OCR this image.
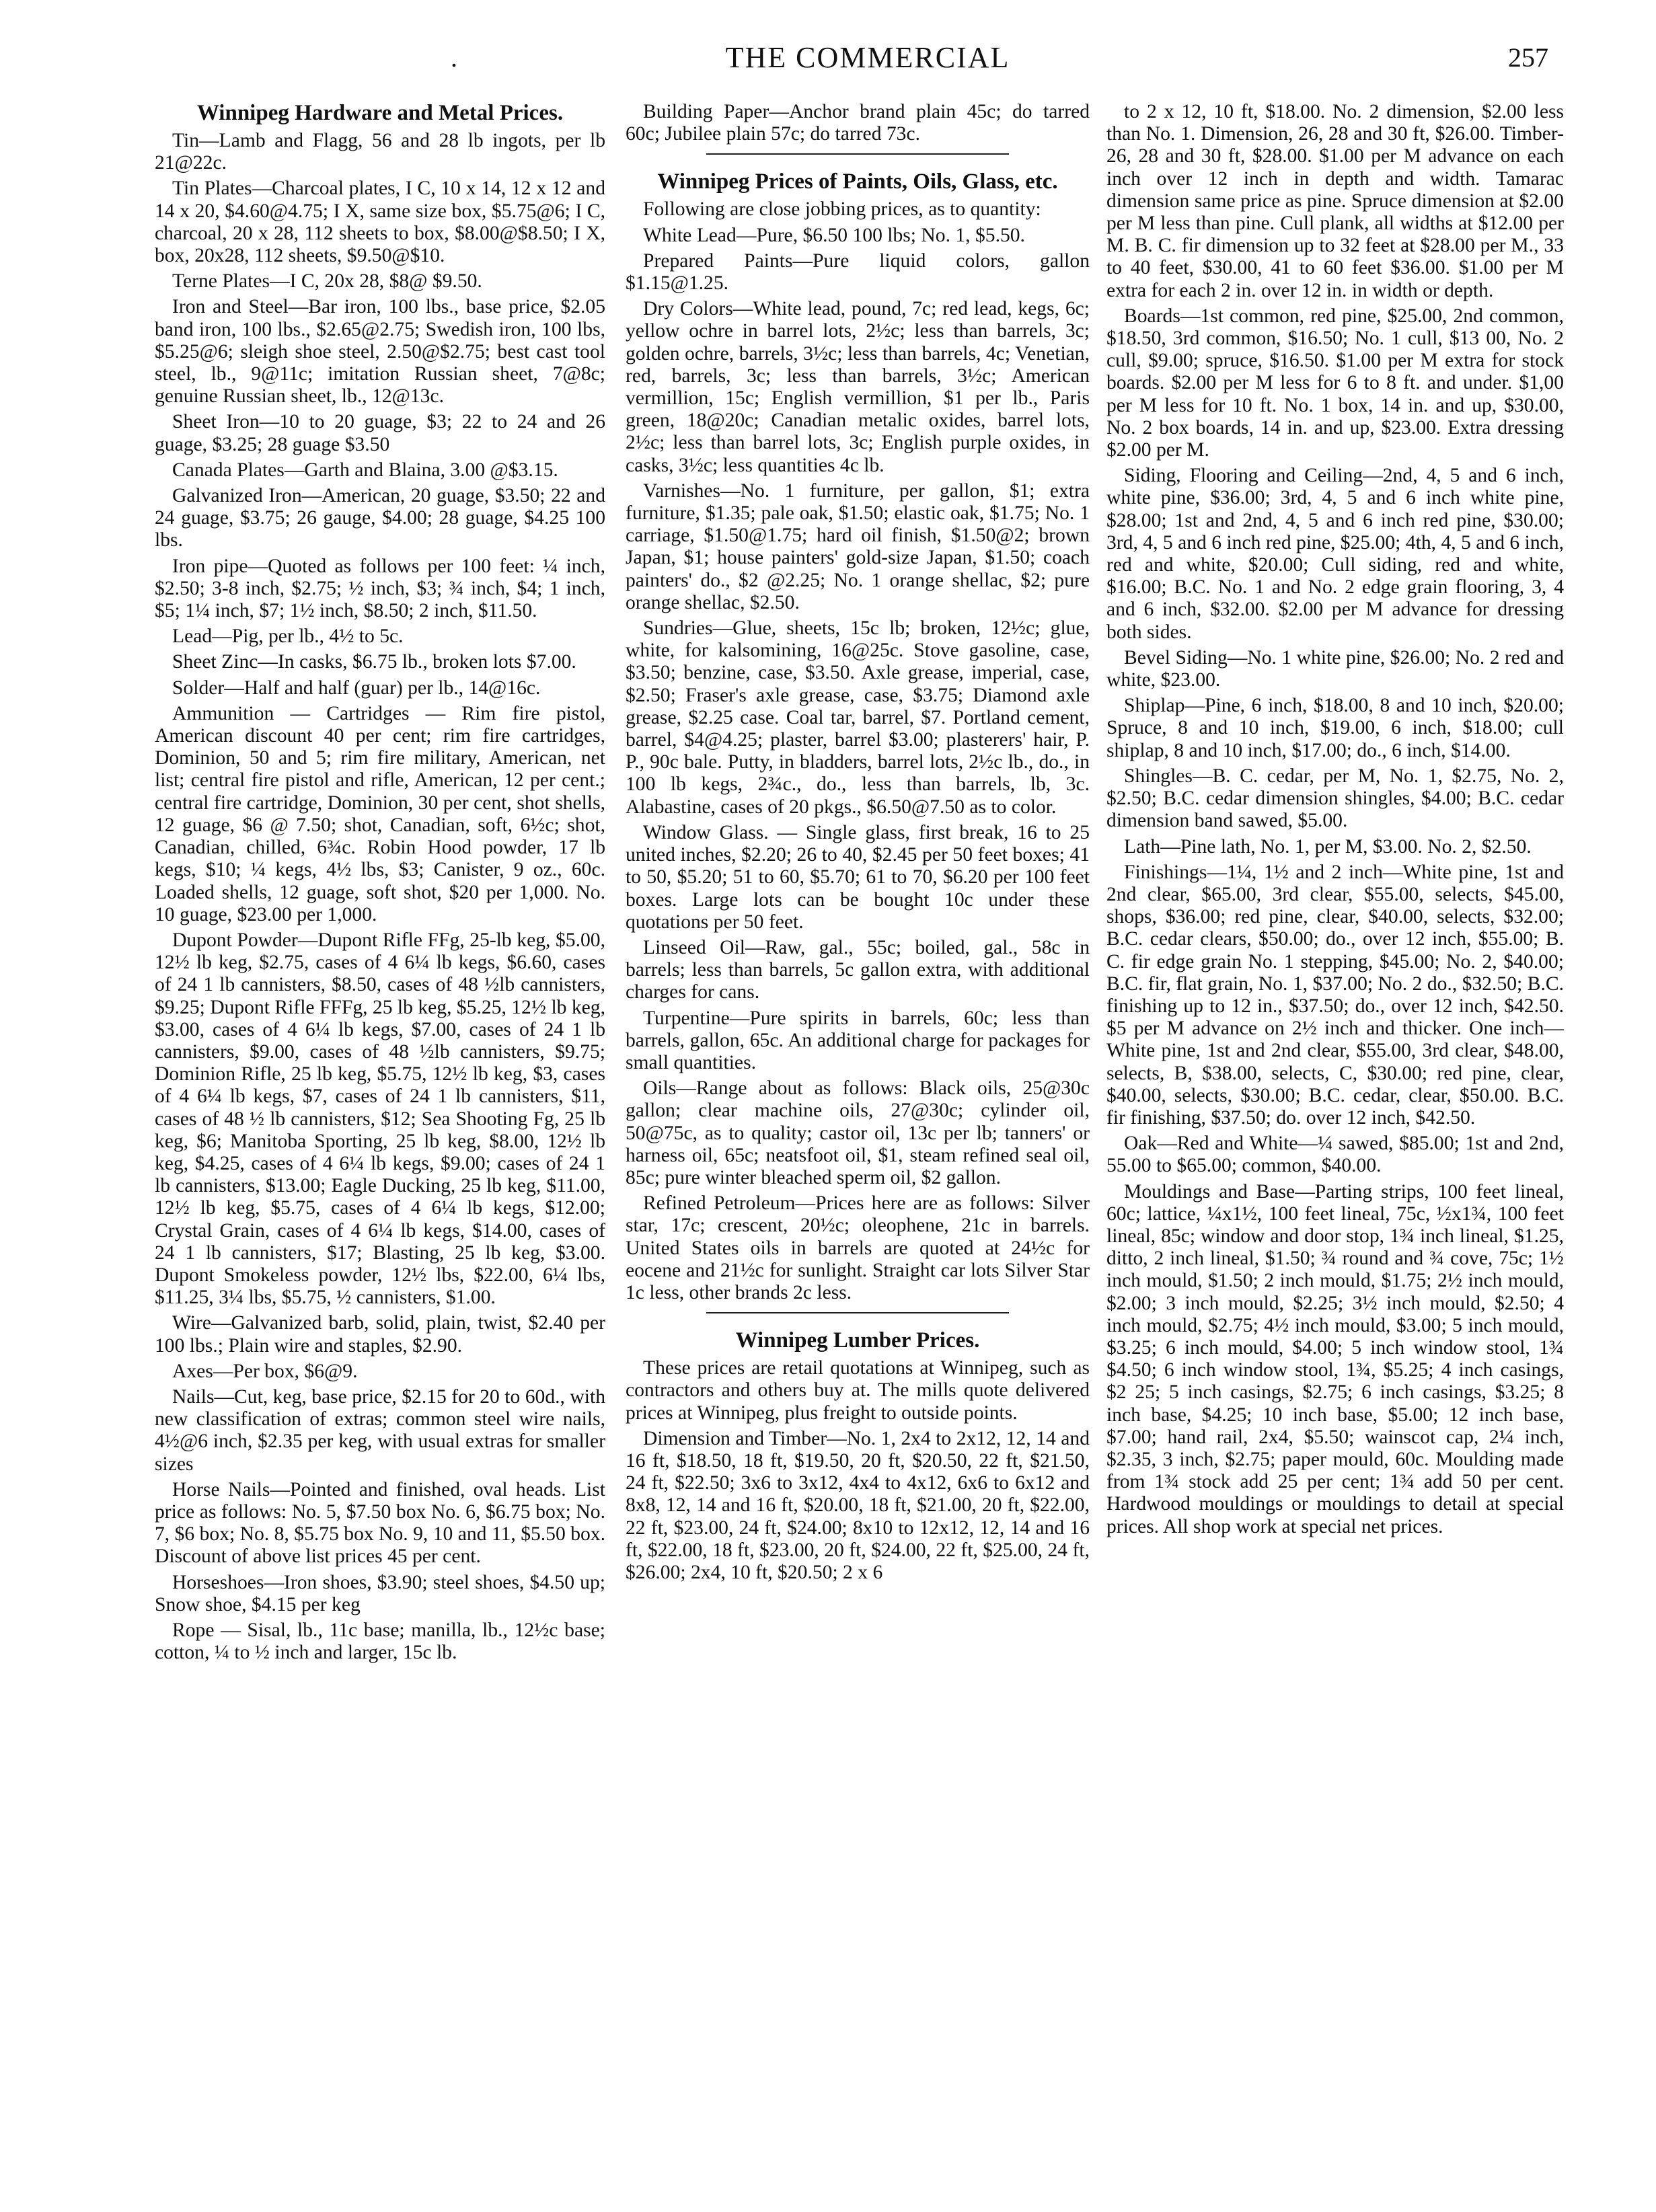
.	THE COMMERCIAL	257
Winnipeg Hardware and Metal Prices.

Tin—Lamb and Flagg, 56 and 28 lb ingots, per lb 21@22c.

Tin Plates—Charcoal plates, I C, 10 x 14, 12 x 12 and 14 x 20, $4.60@4.75; I X, same size box, $5.75@6; I C, charcoal, 20 x 28, 112 sheets to box, $8.00@$8.50; I X, box, 20x28, 112 sheets, $9.50@$10.

Terne Plates—I C, 20x 28, $8@ $9.50.

Iron and Steel—Bar iron, 100 lbs., base price, $2.05 band iron, 100 lbs., $2.65@2.75; Swedish iron, 100 lbs, $5.25@6; sleigh shoe steel, 2.50@$2.75; best cast tool steel, lb., 9@11c; imitation Russian sheet, 7@8c; genuine Russian sheet, lb., 12@13c.

Sheet Iron—10 to 20 guage, $3; 22 to 24 and 26 guage, $3.25; 28 guage $3.50

Canada Plates—Garth and Blaina, 3.00 @$3.15.

Galvanized Iron—American, 20 guage, $3.50; 22 and 24 guage, $3.75; 26 gauge, $4.00; 28 guage, $4.25 100 lbs.

Iron pipe—Quoted as follows per 100 feet: ¼ inch, $2.50; 3-8 inch, $2.75; ½ inch, $3; ¾ inch, $4; 1 inch, $5; 1¼ inch, $7; 1½ inch, $8.50; 2 inch, $11.50.

Lead—Pig, per lb., 4½ to 5c.

Sheet Zinc—In casks, $6.75 lb., broken lots $7.00.

Solder—Half and half (guar) per lb., 14@16c.

Ammunition — Cartridges — Rim fire pistol, American discount 40 per cent; rim fire cartridges, Dominion, 50 and 5; rim fire military, American, net list; central fire pistol and rifle, American, 12 per cent.; central fire cartridge, Dominion, 30 per cent, shot shells, 12 guage, $6 @ 7.50; shot, Canadian, soft, 6½c; shot, Canadian, chilled, 6¾c. Robin Hood powder, 17 lb kegs, $10; ¼ kegs, 4½ lbs, $3; Canister, 9 oz., 60c. Loaded shells, 12 guage, soft shot, $20 per 1,000. No. 10 guage, $23.00 per 1,000.

Dupont Powder—Dupont Rifle FFg, 25-lb keg, $5.00, 12½ lb keg, $2.75, cases of 4 6¼ lb kegs, $6.60, cases of 24 1 lb cannisters, $8.50, cases of 48 ½lb cannisters, $9.25; Dupont Rifle FFFg, 25 lb keg, $5.25, 12½ lb keg, $3.00, cases of 4 6¼ lb kegs, $7.00, cases of 24 1 lb cannisters, $9.00, cases of 48 ½lb cannisters, $9.75; Dominion Rifle, 25 lb keg, $5.75, 12½ lb keg, $3, cases of 4 6¼ lb kegs, $7, cases of 24 1 lb cannisters, $11, cases of 48 ½ lb cannisters, $12; Sea Shooting Fg, 25 lb keg, $6; Manitoba Sporting, 25 lb keg, $8.00, 12½ lb keg, $4.25, cases of 4 6¼ lb kegs, $9.00; cases of 24 1 lb cannisters, $13.00; Eagle Ducking, 25 lb keg, $11.00, 12½ lb keg, $5.75, cases of 4 6¼ lb kegs, $12.00; Crystal Grain, cases of 4 6¼ lb kegs, $14.00, cases of 24 1 lb cannisters, $17; Blasting, 25 lb keg, $3.00. Dupont Smokeless powder, 12½ lbs, $22.00, 6¼ lbs, $11.25, 3¼ lbs, $5.75, ½ cannisters, $1.00.

Wire—Galvanized barb, solid, plain, twist, $2.40 per 100 lbs.; Plain wire and staples, $2.90.

Axes—Per box, $6@9.

Nails—Cut, keg, base price, $2.15 for 20 to 60d., with new classification of extras; common steel wire nails, 4½@6 inch, $2.35 per keg, with usual extras for smaller sizes

Horse Nails—Pointed and finished, oval heads. List price as follows: No. 5, $7.50 box No. 6, $6.75 box; No. 7, $6 box; No. 8, $5.75 box No. 9, 10 and 11, $5.50 box. Discount of above list prices 45 per cent.

Horseshoes—Iron shoes, $3.90; steel shoes, $4.50 up; Snow shoe, $4.15 per keg

Rope — Sisal, lb., 11c base; manilla, lb., 12½c base; cotton, ¼ to ½ inch and larger, 15c lb.

Building Paper—Anchor brand plain 45c; do tarred 60c; Jubilee plain 57c; do tarred 73c.

Winnipeg Prices of Paints, Oils, Glass, etc.

Following are close jobbing prices, as to quantity:

White Lead—Pure, $6.50 100 lbs; No. 1, $5.50.

Prepared Paints—Pure liquid colors, gallon $1.15@1.25.

Dry Colors—White lead, pound, 7c; red lead, kegs, 6c; yellow ochre in barrel lots, 2½c; less than barrels, 3c; golden ochre, barrels, 3½c; less than barrels, 4c; Venetian, red, barrels, 3c; less than barrels, 3½c; American vermillion, 15c; English vermillion, $1 per lb., Paris green, 18@20c; Canadian metalic oxides, barrel lots, 2½c; less than barrel lots, 3c; English purple oxides, in casks, 3½c; less quantities 4c lb.

Varnishes—No. 1 furniture, per gallon, $1; extra furniture, $1.35; pale oak, $1.50; elastic oak, $1.75; No. 1 carriage, $1.50@1.75; hard oil finish, $1.50@2; brown Japan, $1; house painters' gold-size Japan, $1.50; coach painters' do., $2 @2.25; No. 1 orange shellac, $2; pure orange shellac, $2.50.

Sundries—Glue, sheets, 15c lb; broken, 12½c; glue, white, for kalsomining, 16@25c. Stove gasoline, case, $3.50; benzine, case, $3.50. Axle grease, imperial, case, $2.50; Fraser's axle grease, case, $3.75; Diamond axle grease, $2.25 case. Coal tar, barrel, $7. Portland cement, barrel, $4@4.25; plaster, barrel $3.00; plasterers' hair, P. P., 90c bale. Putty, in bladders, barrel lots, 2½c lb., do., in 100 lb kegs, 2¾c., do., less than barrels, lb, 3c. Alabastine, cases of 20 pkgs., $6.50@7.50 as to color.

Window Glass. — Single glass, first break, 16 to 25 united inches, $2.20; 26 to 40, $2.45 per 50 feet boxes; 41 to 50, $5.20; 51 to 60, $5.70; 61 to 70, $6.20 per 100 feet boxes. Large lots can be bought 10c under these quotations per 50 feet.

Linseed Oil—Raw, gal., 55c; boiled, gal., 58c in barrels; less than barrels, 5c gallon extra, with additional charges for cans.

Turpentine—Pure spirits in barrels, 60c; less than barrels, gallon, 65c. An additional charge for packages for small quantities.

Oils—Range about as follows: Black oils, 25@30c gallon; clear machine oils, 27@30c; cylinder oil, 50@75c, as to quality; castor oil, 13c per lb; tanners' or harness oil, 65c; neatsfoot oil, $1, steam refined seal oil, 85c; pure winter bleached sperm oil, $2 gallon.

Refined Petroleum—Prices here are as follows: Silver star, 17c; crescent, 20½c; oleophene, 21c in barrels. United States oils in barrels are quoted at 24½c for eocene and 21½c for sunlight. Straight car lots Silver Star 1c less, other brands 2c less.

Winnipeg Lumber Prices.

These prices are retail quotations at Winnipeg, such as contractors and others buy at. The mills quote delivered prices at Winnipeg, plus freight to outside points.

Dimension and Timber—No. 1, 2x4 to 2x12, 12, 14 and 16 ft, $18.50, 18 ft, $19.50, 20 ft, $20.50, 22 ft, $21.50, 24 ft, $22.50; 3x6 to 3x12, 4x4 to 4x12, 6x6 to 6x12 and 8x8, 12, 14 and 16 ft, $20.00, 18 ft, $21.00, 20 ft, $22.00, 22 ft, $23.00, 24 ft, $24.00; 8x10 to 12x12, 12, 14 and 16 ft, $22.00, 18 ft, $23.00, 20 ft, $24.00, 22 ft, $25.00, 24 ft, $26.00; 2x4, 10 ft, $20.50; 2 x 6

to 2 x 12, 10 ft, $18.00. No. 2 dimension, $2.00 less than No. 1. Dimension, 26, 28 and 30 ft, $26.00. Timber-26, 28 and 30 ft, $28.00. $1.00 per M advance on each inch over 12 inch in depth and width. Tamarac dimension same price as pine. Spruce dimension at $2.00 per M less than pine. Cull plank, all widths at $12.00 per M. B. C. fir dimension up to 32 feet at $28.00 per M., 33 to 40 feet, $30.00, 41 to 60 feet $36.00. $1.00 per M extra for each 2 in. over 12 in. in width or depth.

Boards—1st common, red pine, $25.00, 2nd common, $18.50, 3rd common, $16.50; No. 1 cull, $13 00, No. 2 cull, $9.00; spruce, $16.50. $1.00 per M extra for stock boards. $2.00 per M less for 6 to 8 ft. and under. $1,00 per M less for 10 ft. No. 1 box, 14 in. and up, $30.00, No. 2 box boards, 14 in. and up, $23.00. Extra dressing $2.00 per M.

Siding, Flooring and Ceiling—2nd, 4, 5 and 6 inch, white pine, $36.00; 3rd, 4, 5 and 6 inch white pine, $28.00; 1st and 2nd, 4, 5 and 6 inch red pine, $30.00; 3rd, 4, 5 and 6 inch red pine, $25.00; 4th, 4, 5 and 6 inch, red and white, $20.00; Cull siding, red and white, $16.00; B.C. No. 1 and No. 2 edge grain flooring, 3, 4 and 6 inch, $32.00. $2.00 per M advance for dressing both sides.

Bevel Siding—No. 1 white pine, $26.00; No. 2 red and white, $23.00.

Shiplap—Pine, 6 inch, $18.00, 8 and 10 inch, $20.00; Spruce, 8 and 10 inch, $19.00, 6 inch, $18.00; cull shiplap, 8 and 10 inch, $17.00; do., 6 inch, $14.00.

Shingles—B. C. cedar, per M, No. 1, $2.75, No. 2, $2.50; B.C. cedar dimension shingles, $4.00; B.C. cedar dimension band sawed, $5.00.

Lath—Pine lath, No. 1, per M, $3.00. No. 2, $2.50.

Finishings—1¼, 1½ and 2 inch—White pine, 1st and 2nd clear, $65.00, 3rd clear, $55.00, selects, $45.00, shops, $36.00; red pine, clear, $40.00, selects, $32.00; B.C. cedar clears, $50.00; do., over 12 inch, $55.00; B. C. fir edge grain No. 1 stepping, $45.00; No. 2, $40.00; B.C. fir, flat grain, No. 1, $37.00; No. 2 do., $32.50; B.C. finishing up to 12 in., $37.50; do., over 12 inch, $42.50. $5 per M advance on 2½ inch and thicker. One inch—White pine, 1st and 2nd clear, $55.00, 3rd clear, $48.00, selects, B, $38.00, selects, C, $30.00; red pine, clear, $40.00, selects, $30.00; B.C. cedar, clear, $50.00. B.C. fir finishing, $37.50; do. over 12 inch, $42.50.

Oak—Red and White—¼ sawed, $85.00; 1st and 2nd, 55.00 to $65.00; common, $40.00.

Mouldings and Base—Parting strips, 100 feet lineal, 60c; lattice, ¼x1½, 100 feet lineal, 75c, ½x1¾, 100 feet lineal, 85c; window and door stop, 1¾ inch lineal, $1.25, ditto, 2 inch lineal, $1.50; ¾ round and ¾ cove, 75c; 1½ inch mould, $1.50; 2 inch mould, $1.75; 2½ inch mould, $2.00; 3 inch mould, $2.25; 3½ inch mould, $2.50; 4 inch mould, $2.75; 4½ inch mould, $3.00; 5 inch mould, $3.25; 6 inch mould, $4.00; 5 inch window stool, 1¾ $4.50; 6 inch window stool, 1¾, $5.25; 4 inch casings, $2 25; 5 inch casings, $2.75; 6 inch casings, $3.25; 8 inch base, $4.25; 10 inch base, $5.00; 12 inch base, $7.00; hand rail, 2x4, $5.50; wainscot cap, 2¼ inch, $2.35, 3 inch, $2.75; paper mould, 60c. Moulding made from 1¾ stock add 25 per cent; 1¾ add 50 per cent. Hardwood mouldings or mouldings to detail at special prices. All shop work at special net prices.
